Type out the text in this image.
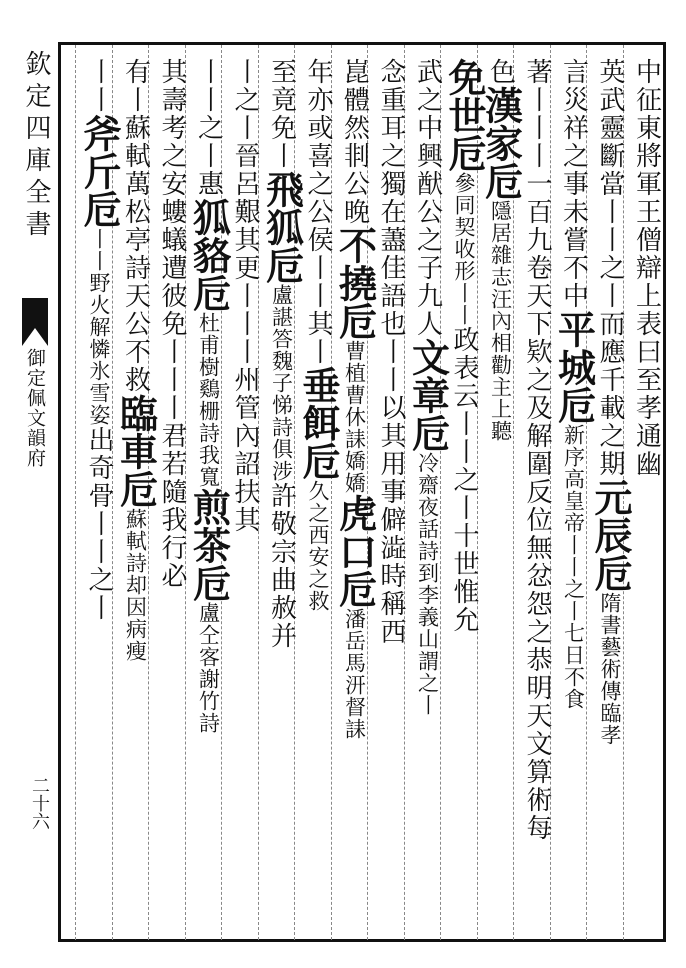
欽定四庫全書
御定佩文韻府
二十六
中征東將軍王僧辯上表曰至孝通幽
英武靈斷當丨丨之丨而應千載之期元辰卮隋書藝術傳臨孝
言災祥之事未嘗不中平城卮新序高皇帝丨丨之丨七日不食
著丨丨丨一百九卷天下欵之及解圍反位無忿怨之恭明天文算術每
色漢家卮隱居雜志汪內相勸主上聽
免世卮參同契收形丨丨政表云丨丨之丨十世惟允
武之中興猷公之子九人文章卮冷齋夜話詩到李義山謂之丨
念重耳之獨在藎佳語也丨丨以其用事僻澁時稱西
崑體然剕公晚不撓卮曹植曹休誄嬌嬌虎口卮潘岳馬汧督誄
年亦或喜之公侯丨丨其丨垂餌卮久之西安之救
至竟免丨飛狐卮盧諶答魏子悌詩俱涉許敬宗曲赦并
丨之丨晉呂艱其更丨丨丨州管內詔扶其
丨丨之丨惠狐貉卮杜甫樹鷄栅詩我寬煎茶卮盧仝客謝竹詩
其壽考之安螻蟻遭彼免丨丨丨君若隨我行必
有丨蘇軾萬松亭詩天公不救臨車卮蘇軾詩却因病瘦
丨丨斧斤卮丨丨野火解憐氷雪姿出奇骨丨丨之丨
